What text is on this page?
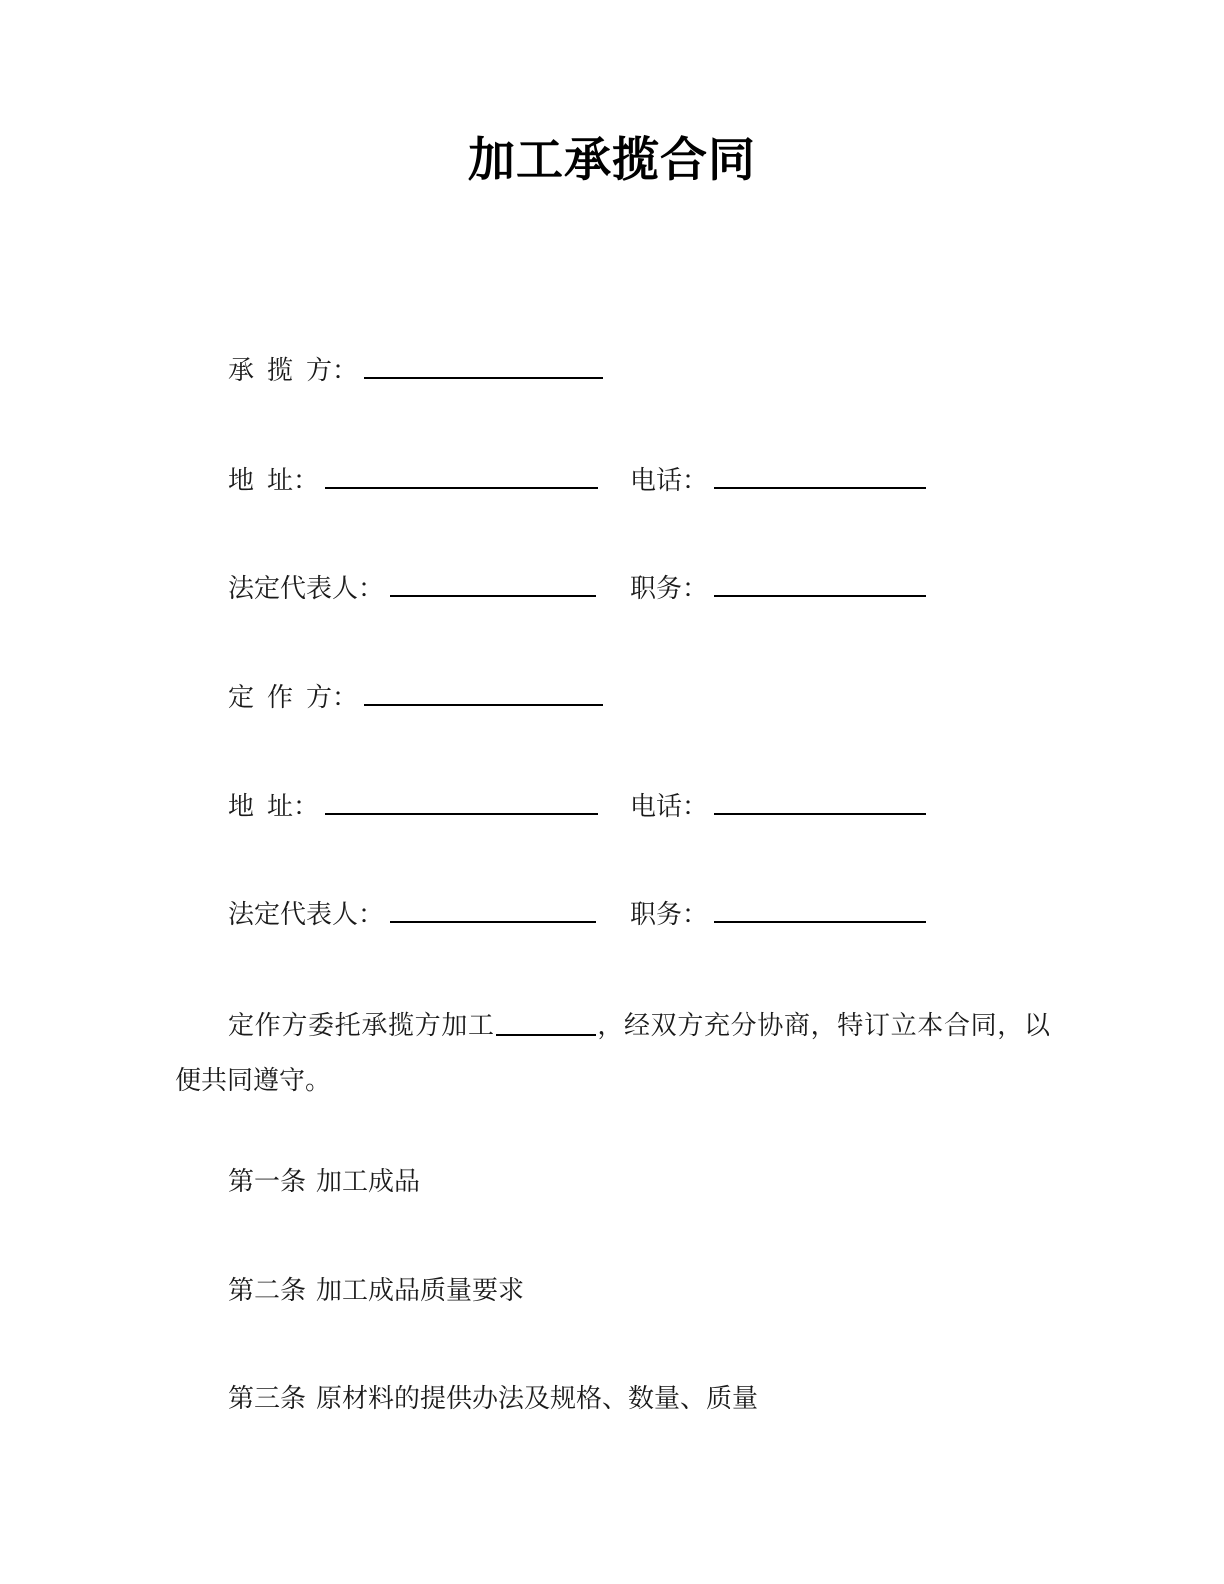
加工承揽合同
承  揽  方：
地  址：	电话：
法定代表人：	职务：
定  作  方：
地  址：	电话：
法定代表人：	职务：
定作方委托承揽方加工	，经双方充分协商，特订立本合同，以便共同遵守。
第一条 加工成品
第二条 加工成品质量要求
第三条 原材料的提供办法及规格、数量、质量
